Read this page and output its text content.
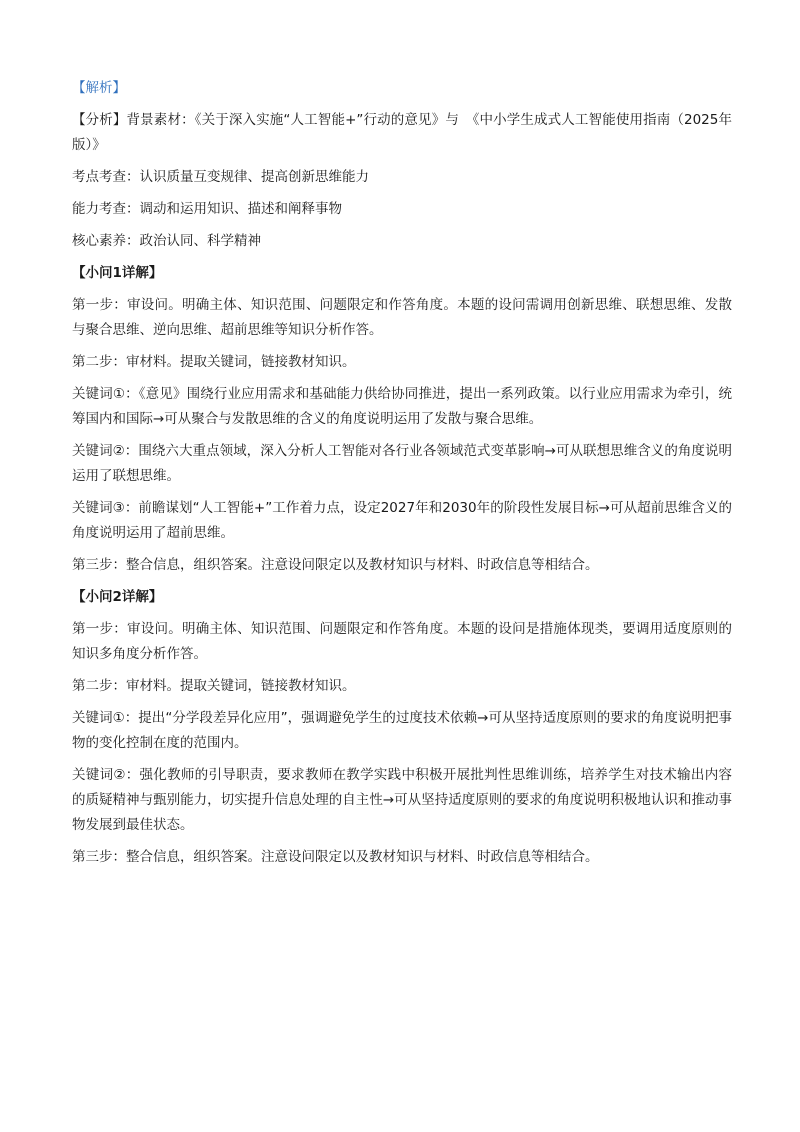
【解析】
【分析】背景素材：《关于深入实施“人工智能+”行动的意见》与　《中小学生成式人工智能使用指南（2025年版）》
考点考查：认识质量互变规律、提高创新思维能力
能力考查：调动和运用知识、描述和阐释事物
核心素养：政治认同、科学精神
【小问1详解】
第一步：审设问。明确主体、知识范围、问题限定和作答角度。本题的设问需调用创新思维、联想思维、发散与聚合思维、逆向思维、超前思维等知识分析作答。
第二步：审材料。提取关键词，链接教材知识。
关键词①：《意见》围绕行业应用需求和基础能力供给协同推进，提出一系列政策。以行业应用需求为牵引，统筹国内和国际→可从聚合与发散思维的含义的角度说明运用了发散与聚合思维。
关键词②：围绕六大重点领域，深入分析人工智能对各行业各领域范式变革影响→可从联想思维含义的角度说明运用了联想思维。
关键词③：前瞻谋划“人工智能+”工作着力点，设定2027年和2030年的阶段性发展目标→可从超前思维含义的角度说明运用了超前思维。
第三步：整合信息，组织答案。注意设问限定以及教材知识与材料、时政信息等相结合。
【小问2详解】
第一步：审设问。明确主体、知识范围、问题限定和作答角度。本题的设问是措施体现类，要调用适度原则的知识多角度分析作答。
第二步：审材料。提取关键词，链接教材知识。
关键词①：提出“分学段差异化应用”，强调避免学生的过度技术依赖→可从坚持适度原则的要求的角度说明把事物的变化控制在度的范围内。
关键词②：强化教师的引导职责，要求教师在教学实践中积极开展批判性思维训练，培养学生对技术输出内容的质疑精神与甄别能力，切实提升信息处理的自主性→可从坚持适度原则的要求的角度说明积极地认识和推动事物发展到最佳状态。
第三步：整合信息，组织答案。注意设问限定以及教材知识与材料、时政信息等相结合。
